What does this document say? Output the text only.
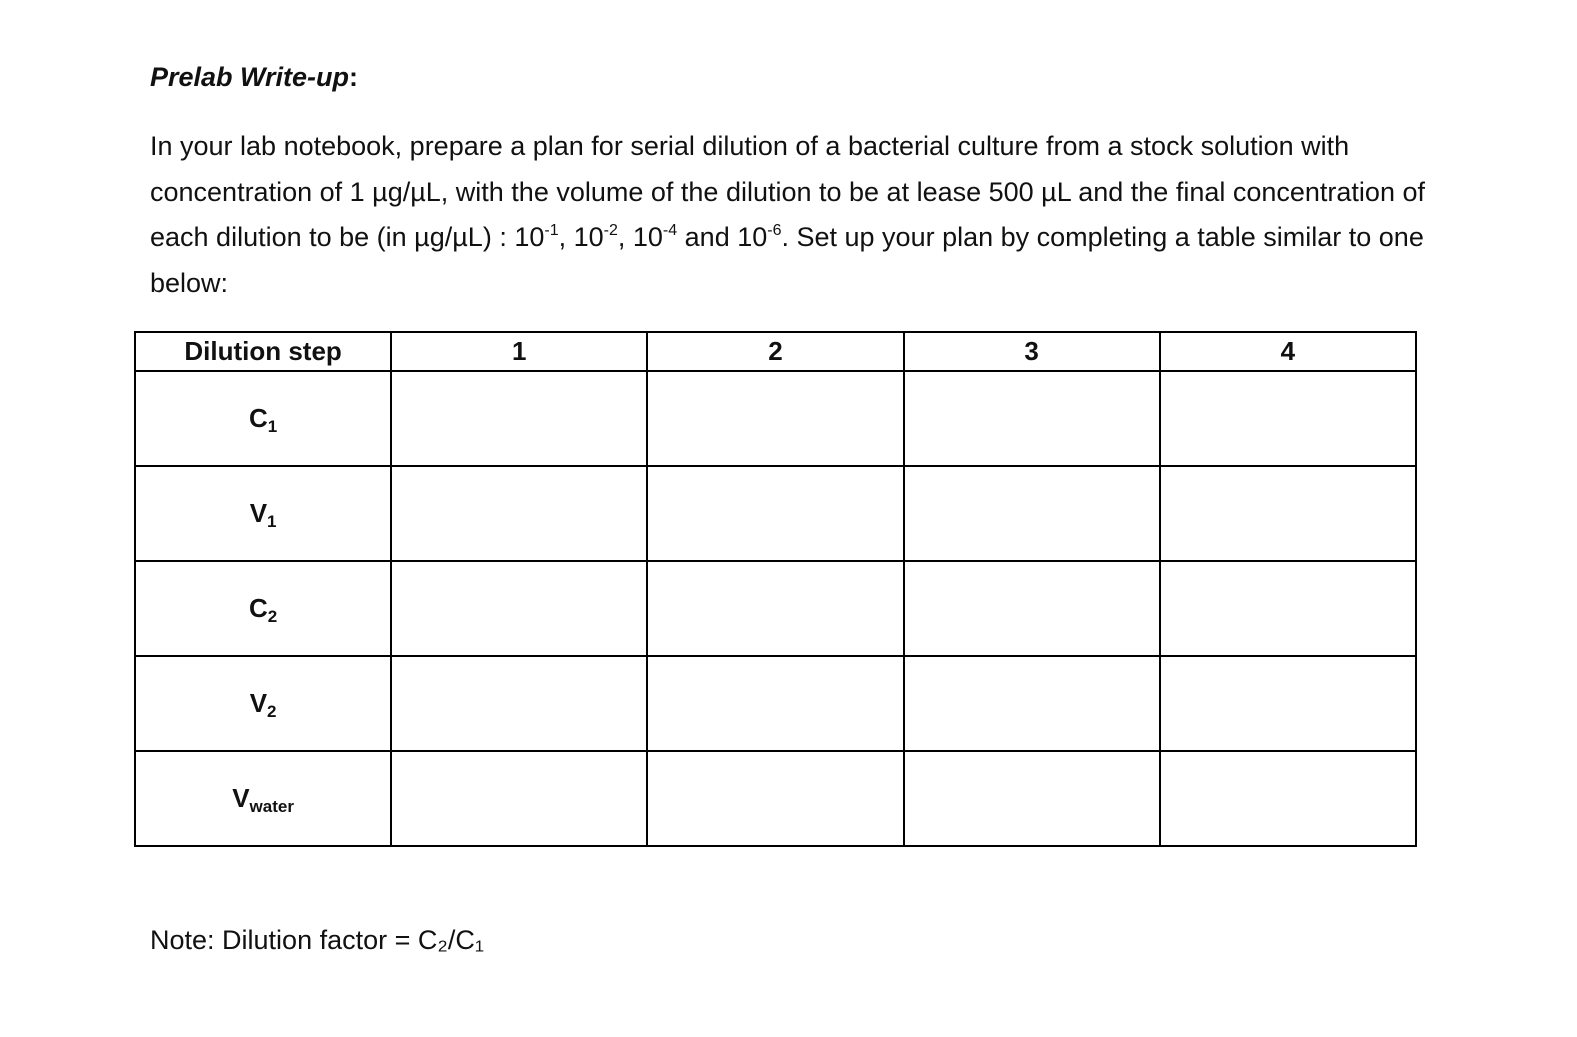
Prelab Write-up:

In your lab notebook, prepare a plan for serial dilution of a bacterial culture from a stock solution with concentration of 1 µg/µL, with the volume of the dilution to be at lease 500 µL and the final concentration of each dilution to be (in µg/µL) : $10^{-1}$, $10^{-2}$, $10^{-4}$ and $10^{-6}$. Set up your plan by completing a table similar to one below:

Dilution step	1	2	3	4
$C_1$				
$V_1$				
$C_2$				
$V_2$				
$V_{water}$				

Note: Dilution factor = C₂/C₁
